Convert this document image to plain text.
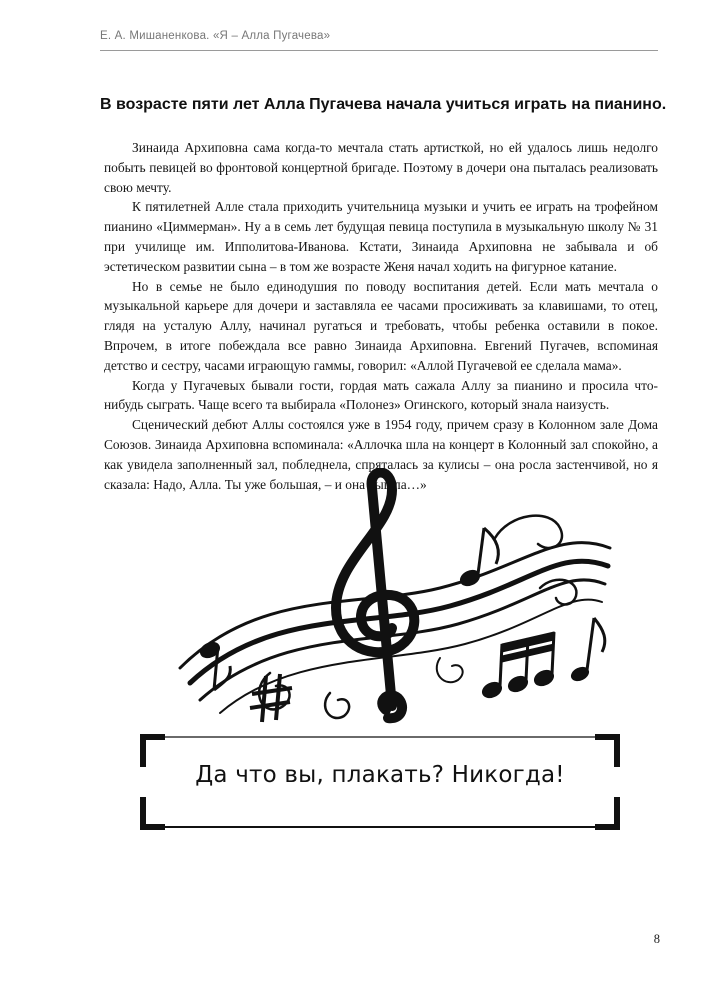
Е. А. Мишаненкова. «Я – Алла Пугачева»
В возрасте пяти лет Алла Пугачева начала учиться играть на пианино.

Зинаида Архиповна сама когда-то мечтала стать артисткой, но ей удалось лишь недолго побыть певицей во фронтовой концертной бригаде. Поэтому в дочери она пыталась реализовать свою мечту.

К пятилетней Алле стала приходить учительница музыки и учить ее играть на трофейном пианино «Циммерман». Ну а в семь лет будущая певица поступила в музыкальную школу № 31 при училище им. Ипполитова-Иванова. Кстати, Зинаида Архиповна не забывала и об эстетическом развитии сына – в том же возрасте Женя начал ходить на фигурное катание.

Но в семье не было единодушия по поводу воспитания детей. Если мать мечтала о музыкальной карьере для дочери и заставляла ее часами просиживать за клавишами, то отец, глядя на усталую Аллу, начинал ругаться и требовать, чтобы ребенка оставили в покое. Впрочем, в итоге побеждала все равно Зинаида Архиповна. Евгений Пугачев, вспоминая детство и сестру, часами играющую гаммы, говорил: «Аллой Пугачевой ее сделала мама».

Когда у Пугачевых бывали гости, гордая мать сажала Аллу за пианино и просила что-нибудь сыграть. Чаще всего та выбирала «Полонез» Огинского, который знала наизусть.

Сценический дебют Аллы состоялся уже в 1954 году, причем сразу в Колонном зале Дома Союзов. Зинаида Архиповна вспоминала: «Аллочка шла на концерт в Колонный зал спокойно, а как увидела заполненный зал, побледнела, спряталась за кулисы – она росла застенчивой, но я сказала: Надо, Алла. Ты уже большая, – и она вышла…»

Да что вы, плакать? Никогда!

8
